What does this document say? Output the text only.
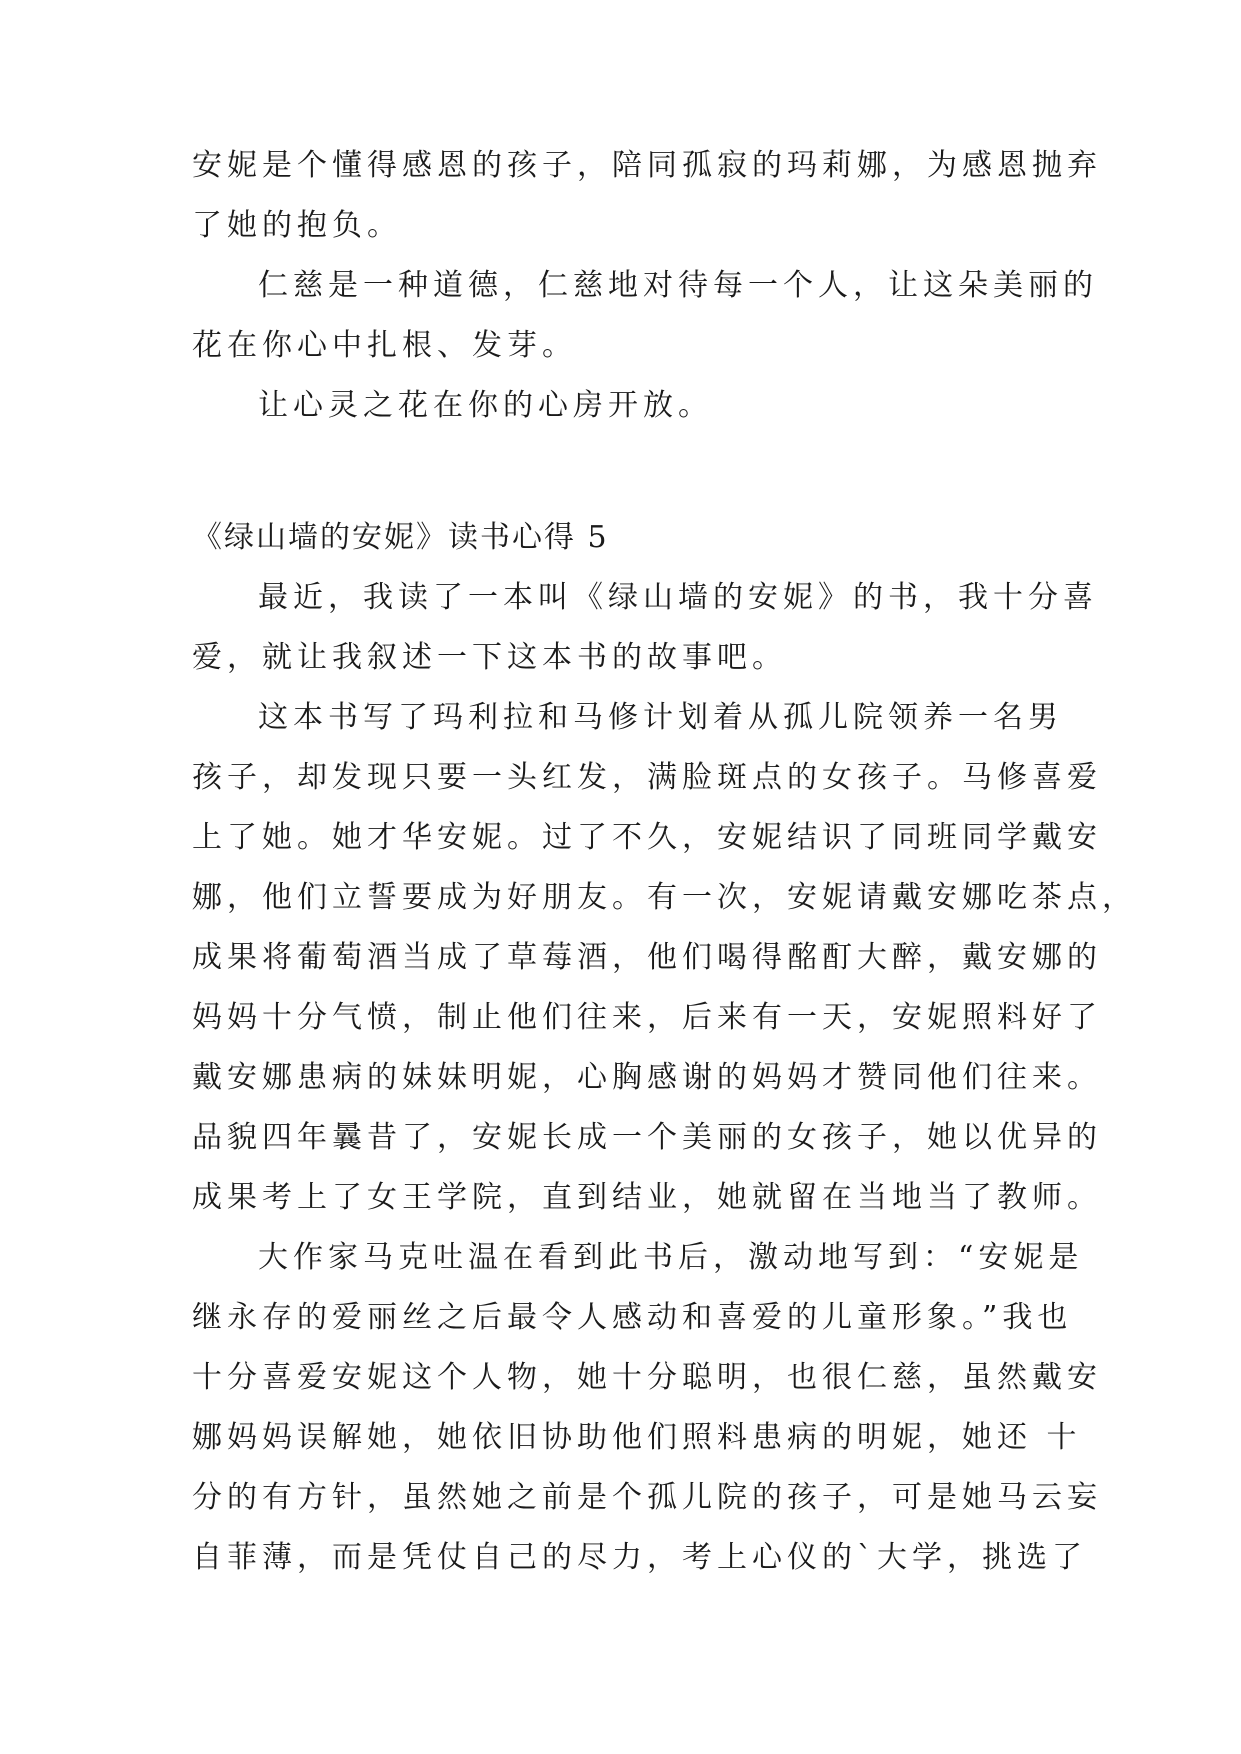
安妮是个懂得感恩的孩子，陪同孤寂的玛莉娜，为感恩抛弃
了她的抱负。
仁慈是一种道德，仁慈地对待每一个人，让这朵美丽的
花在你心中扎根、发芽。
让心灵之花在你的心房开放。
《绿山墙的安妮》读书心得 5
最近，我读了一本叫《绿山墙的安妮》的书，我十分喜
爱，就让我叙述一下这本书的故事吧。
这本书写了玛利拉和马修计划着从孤儿院领养一名男
孩子，却发现只要一头红发，满脸斑点的女孩子。马修喜爱
上了她。她才华安妮。过了不久，安妮结识了同班同学戴安
娜，他们立誓要成为好朋友。有一次，安妮请戴安娜吃茶点，
成果将葡萄酒当成了草莓酒，他们喝得酩酊大醉，戴安娜的
妈妈十分气愤，制止他们往来，后来有一天，安妮照料好了
戴安娜患病的妹妹明妮，心胸感谢的妈妈才赞同他们往来。
品貌四年曩昔了，安妮长成一个美丽的女孩子，她以优异的
成果考上了女王学院，直到结业，她就留在当地当了教师。
大作家马克吐温在看到此书后，激动地写到：“安妮是
继永存的爱丽丝之后最令人感动和喜爱的儿童形象。”我也
十分喜爱安妮这个人物，她十分聪明，也很仁慈，虽然戴安
娜妈妈误解她，她依旧协助他们照料患病的明妮，她还 十
分的有方针，虽然她之前是个孤儿院的孩子，可是她马云妄
自菲薄，而是凭仗自己的尽力，考上心仪的`大学，挑选了
